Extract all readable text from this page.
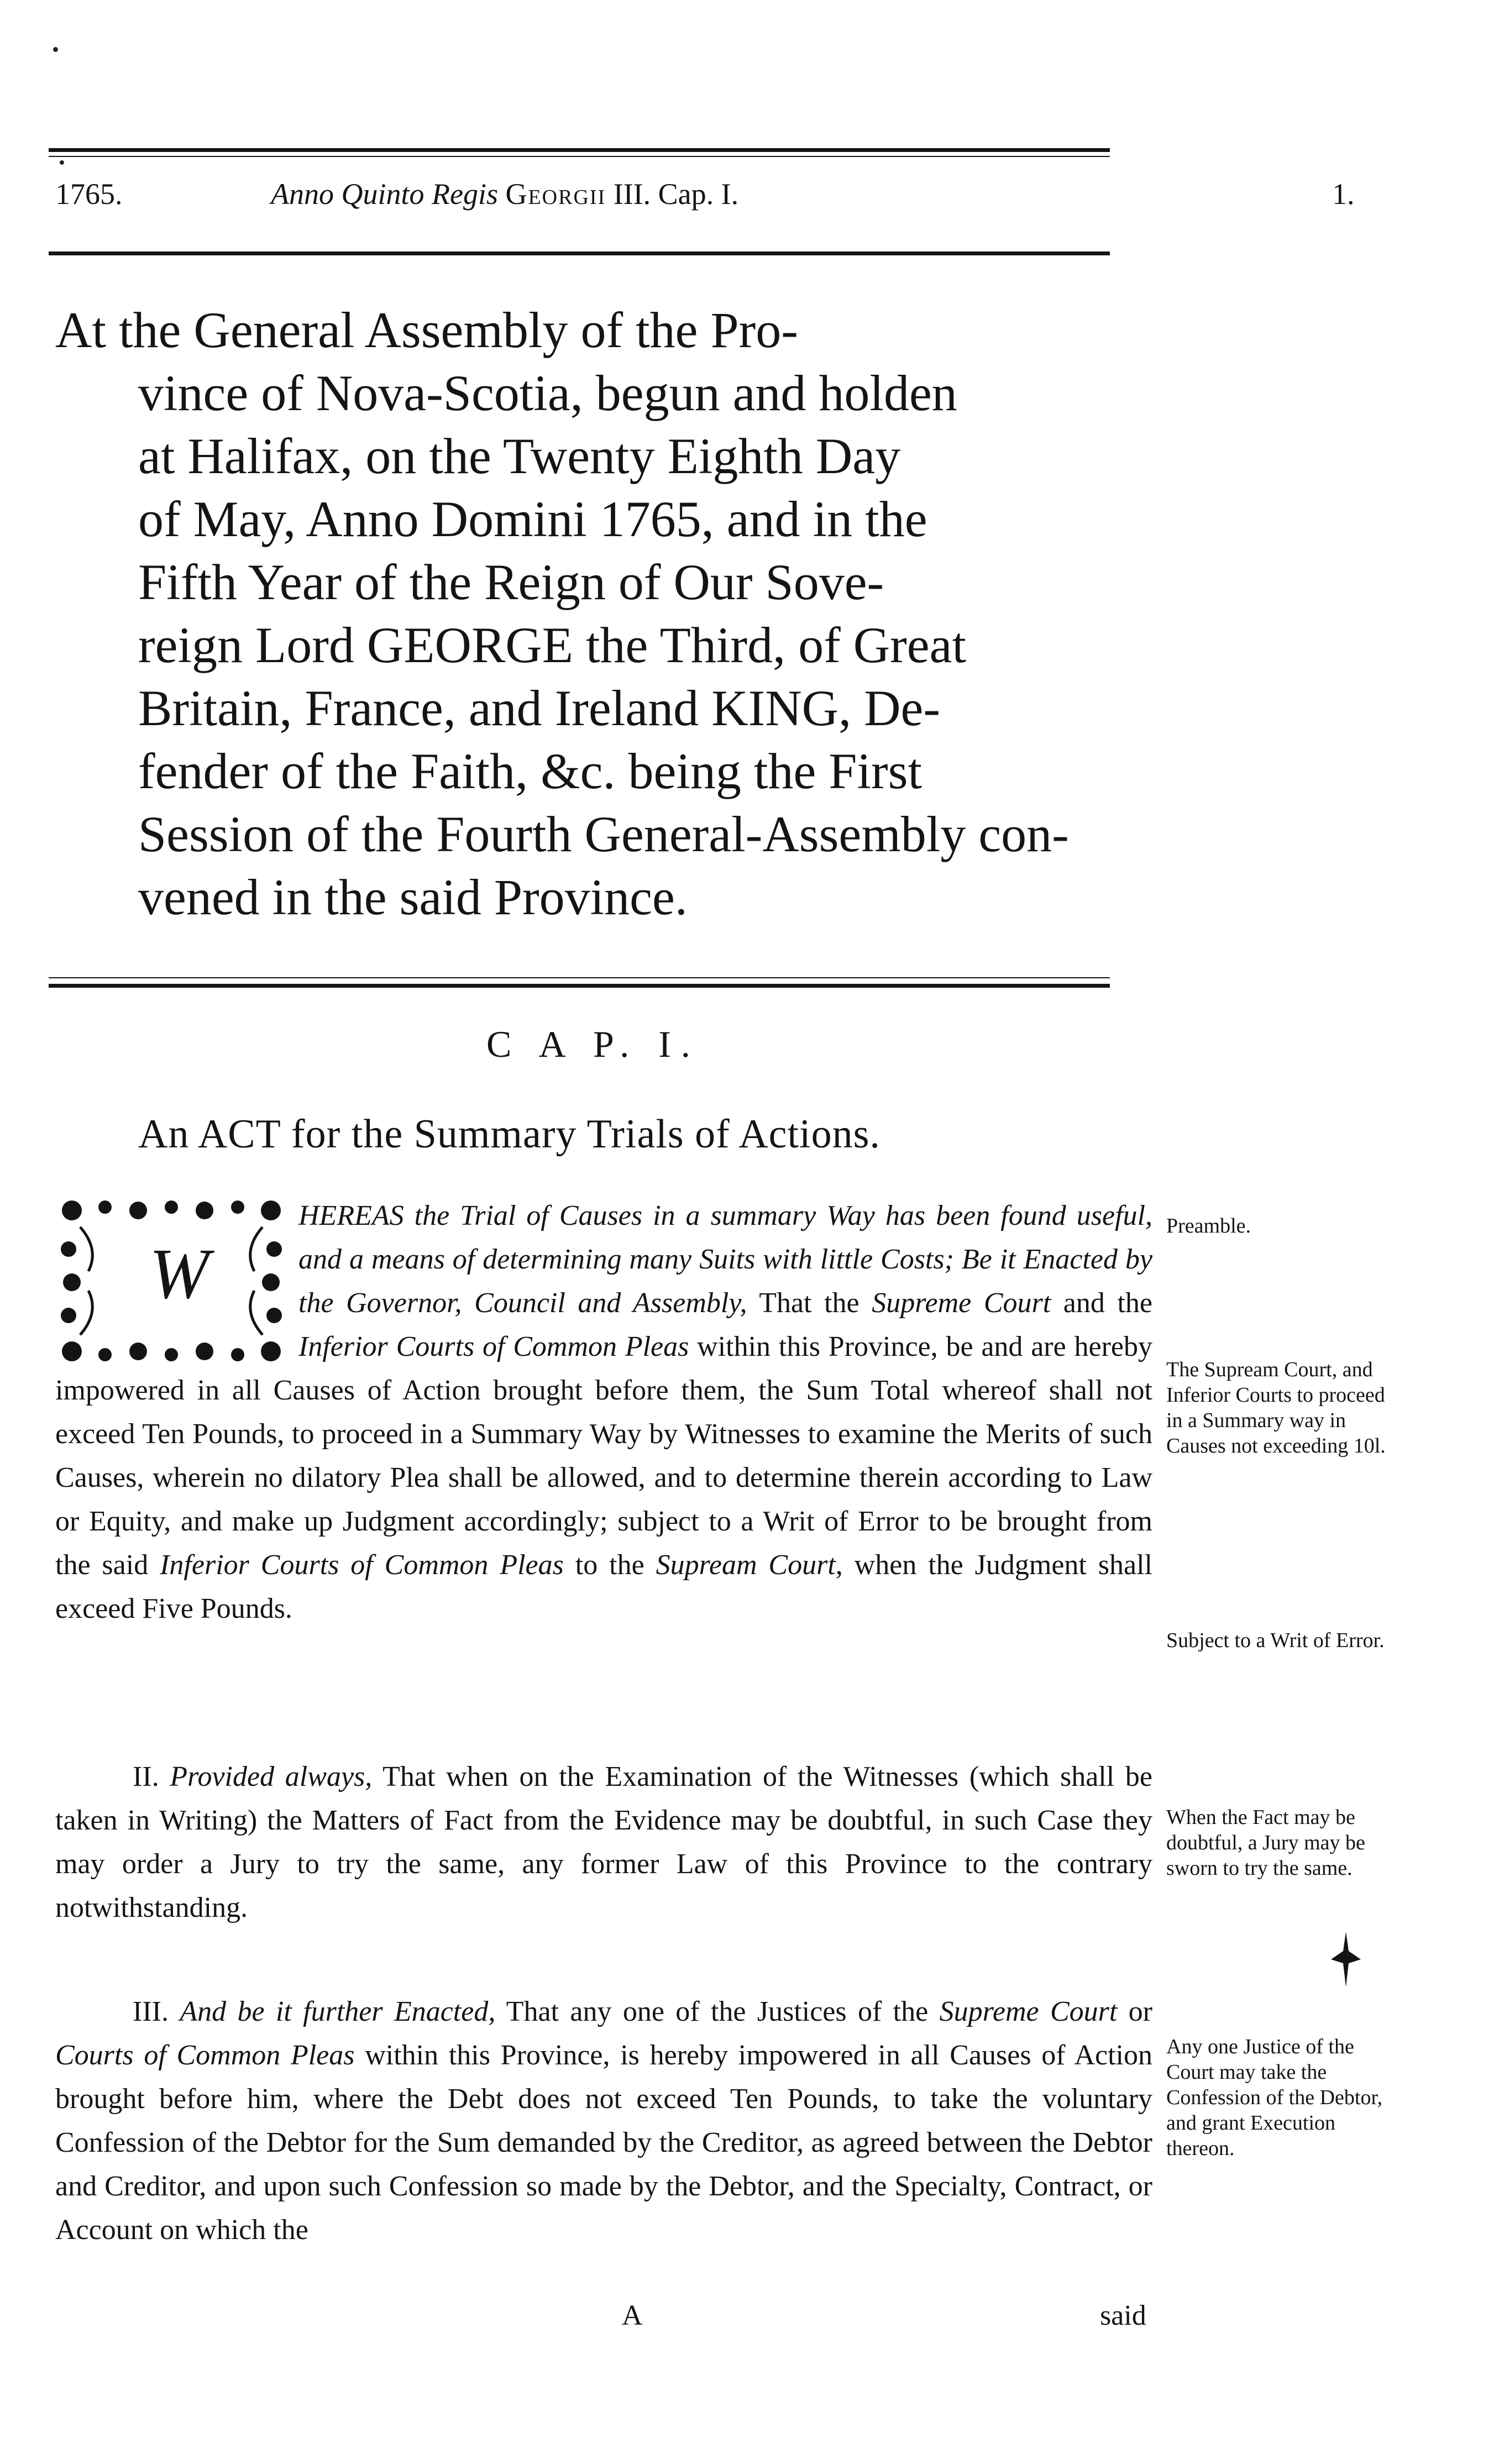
1765.	Anno Quinto Regis Georgii III. Cap. I.	1.
At the General Assembly of the Pro-
vince of Nova-Scotia, begun and holden
at Halifax, on the Twenty Eighth Day
of May, Anno Domini 1765, and in the
Fifth Year of the Reign of Our Sove-
reign Lord GEORGE the Third, of Great
Britain, France, and Ireland KING, De-
fender of the Faith, &c. being the First
Session of the Fourth General-Assembly con-
vened in the said Province.
C A P. I.
An ACT for the Summary Trials of Actions.
W

HEREAS the Trial of Causes in a summary Way has been found useful, and a means of determining many Suits with little Costs; Be it Enacted by the Governor, Council and Assembly, That the Supreme Court and the Inferior Courts of Common Pleas within this Province, be and are hereby impowered in all Causes of Action brought before them, the Sum Total whereof shall not exceed Ten Pounds, to proceed in a Summary Way by Witnesses to examine the Merits of such Causes, wherein no dilatory Plea shall be allowed, and to determine therein according to Law or Equity, and make up Judgment accordingly; subject to a Writ of Error to be brought from the said Inferior Courts of Common Pleas to the Supream Court, when the Judgment shall exceed Five Pounds.

II. Provided always, That when on the Examination of the Witnesses (which shall be taken in Writing) the Matters of Fact from the Evidence may be doubtful, in such Case they may order a Jury to try the same, any former Law of this Province to the contrary notwithstanding.

III. And be it further Enacted, That any one of the Justices of the Supreme Court or Courts of Common Pleas within this Province, is hereby impowered in all Causes of Action brought before him, where the Debt does not exceed Ten Pounds, to take the voluntary Confession of the Debtor for the Sum demanded by the Creditor, as agreed between the Debtor and Creditor, and upon such Confession so made by the Debtor, and the Specialty, Contract, or Account on which the

Preamble.
The Supream Court, and Inferior Courts to proceed in a Summary way in Causes not exceeding 10l.
Subject to a Writ of Error.
When the Fact may be doubtful, a Jury may be sworn to try the same.
Any one Justice of the Court may take the Confession of the Debtor, and grant Execution thereon.
A	said
